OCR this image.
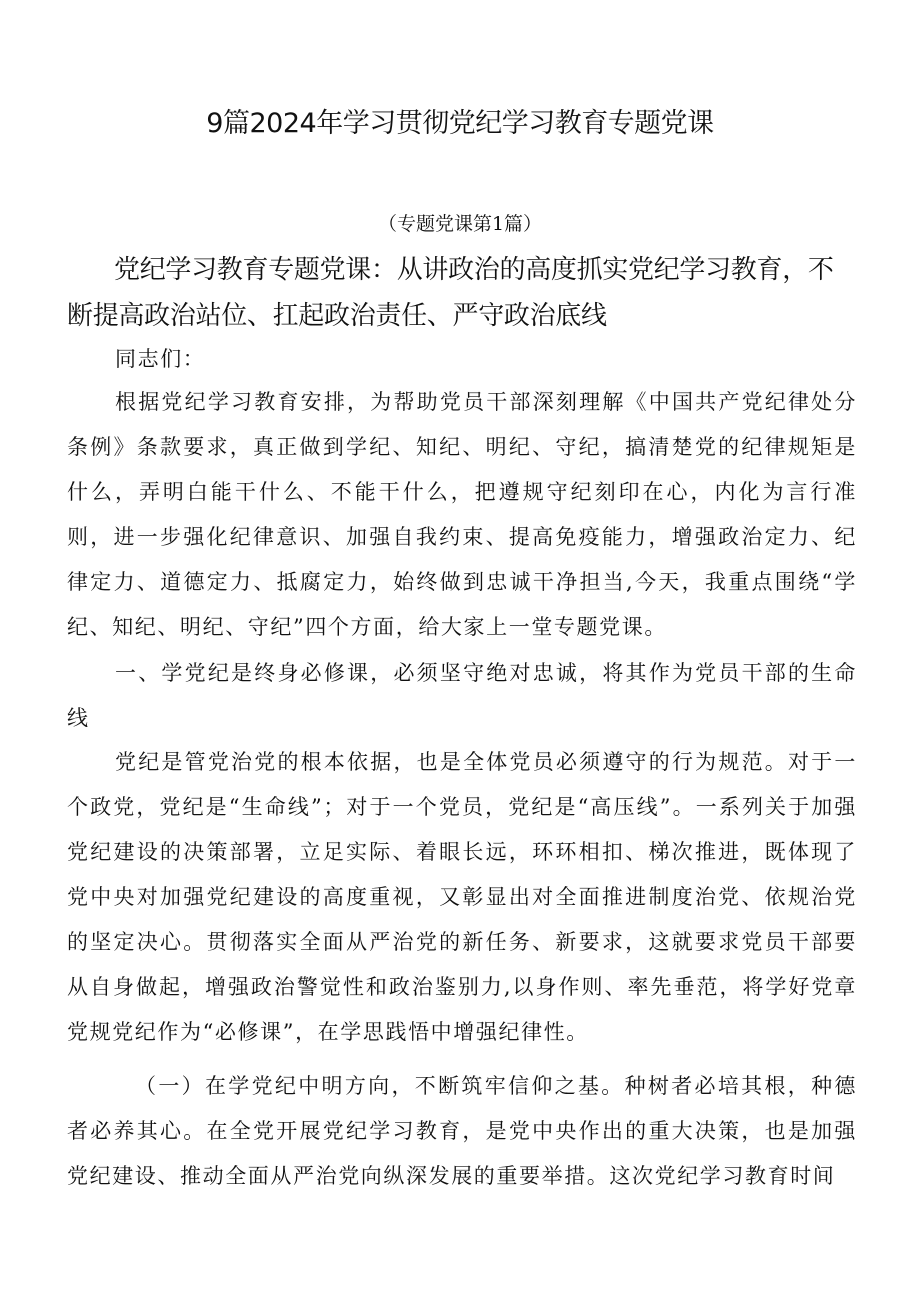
9篇2024年学习贯彻党纪学习教育专题党课

（专题党课第1篇）

党纪学习教育专题党课：从讲政治的高度抓实党纪学习教育，不断提高政治站位、扛起政治责任、严守政治底线

同志们：

根据党纪学习教育安排，为帮助党员干部深刻理解《中国共产党纪律处分条例》条款要求，真正做到学纪、知纪、明纪、守纪，搞清楚党的纪律规矩是什么，弄明白能干什么、不能干什么，把遵规守纪刻印在心，内化为言行准则，进一步强化纪律意识、加强自我约束、提高免疫能力，增强政治定力、纪律定力、道德定力、抵腐定力，始终做到忠诚干净担当,今天，我重点围绕“学纪、知纪、明纪、守纪”四个方面，给大家上一堂专题党课。

一、学党纪是终身必修课，必须坚守绝对忠诚，将其作为党员干部的生命线

党纪是管党治党的根本依据，也是全体党员必须遵守的行为规范。对于一个政党，党纪是“生命线”；对于一个党员，党纪是“高压线”。一系列关于加强党纪建设的决策部署，立足实际、着眼长远，环环相扣、梯次推进，既体现了党中央对加强党纪建设的高度重视，又彰显出对全面推进制度治党、依规治党的坚定决心。贯彻落实全面从严治党的新任务、新要求，这就要求党员干部要从自身做起，增强政治警觉性和政治鉴别力,以身作则、率先垂范，将学好党章党规党纪作为“必修课”，在学思践悟中增强纪律性。

（一）在学党纪中明方向，不断筑牢信仰之基。种树者必培其根，种德者必养其心。在全党开展党纪学习教育，是党中央作出的重大决策，也是加强党纪建设、推动全面从严治党向纵深发展的重要举措。这次党纪学习教育时间
